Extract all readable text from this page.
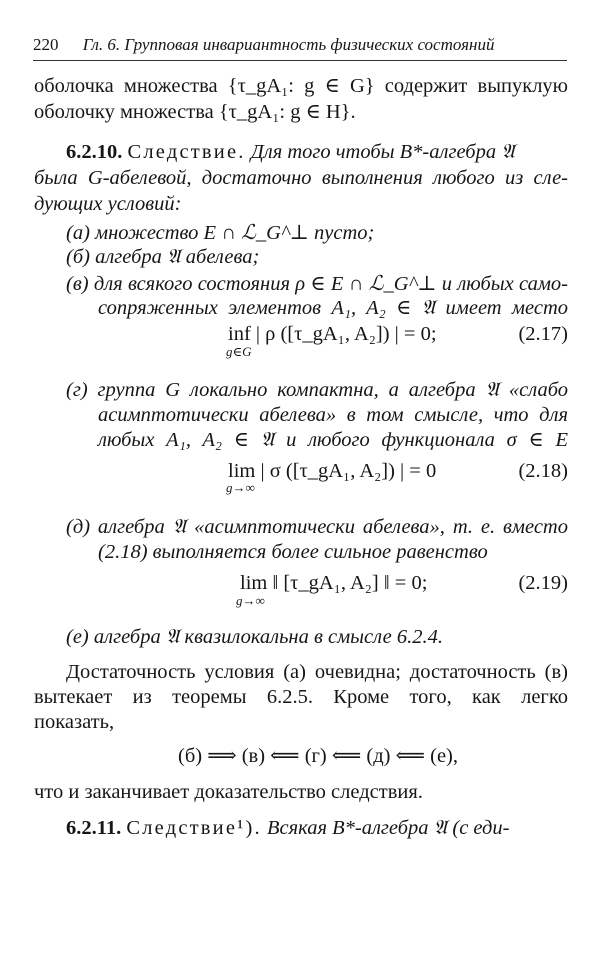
220 Гл. 6. Групповая инвариантность физических состояний
оболочка множества {τ_gA₁: g ∈ G} содержит выпуклую
оболочку множества {τ_gA₁: g ∈ H}.
6.2.10. Следствие. Для того чтобы B*-алгебра 𝔄
была G-абелевой, достаточно выполнения любого из сле-
дующих условий:
(а) множество E ∩ ℒ_G^⊥ пусто;
(б) алгебра 𝔄 абелева;
(в) для всякого состояния ρ ∈ E ∩ ℒ_G^⊥ и любых само-
сопряженных элементов A₁, A₂ ∈ 𝔄 имеет место
inf | ρ ([τ_gA₁, A₂]) | = 0;
g∈G
(2.17)
(г) группа G локально компактна, а алгебра 𝔄 «слабо
асимптотически абелева» в том смысле, что для
любых A₁, A₂ ∈ 𝔄 и любого функционала σ ∈ E
lim | σ ([τ_gA₁, A₂]) | = 0
g→∞
(2.18)
(д) алгебра 𝔄 «асимптотически абелева», т. е. вместо
(2.18) выполняется более сильное равенство
lim ‖ [τ_gA₁, A₂] ‖ = 0;
g→∞
(2.19)
(е) алгебра 𝔄 квазилокальна в смысле 6.2.4.
Достаточность условия (а) очевидна; достаточность (в)
вытекает из теоремы 6.2.5. Кроме того, как легко
показать,
(б) ⟹ (в) ⟸ (г) ⟸ (д) ⟸ (е),
что и заканчивает доказательство следствия.
6.2.11. Следствие¹). Всякая B*-алгебра 𝔄 (с еди-
